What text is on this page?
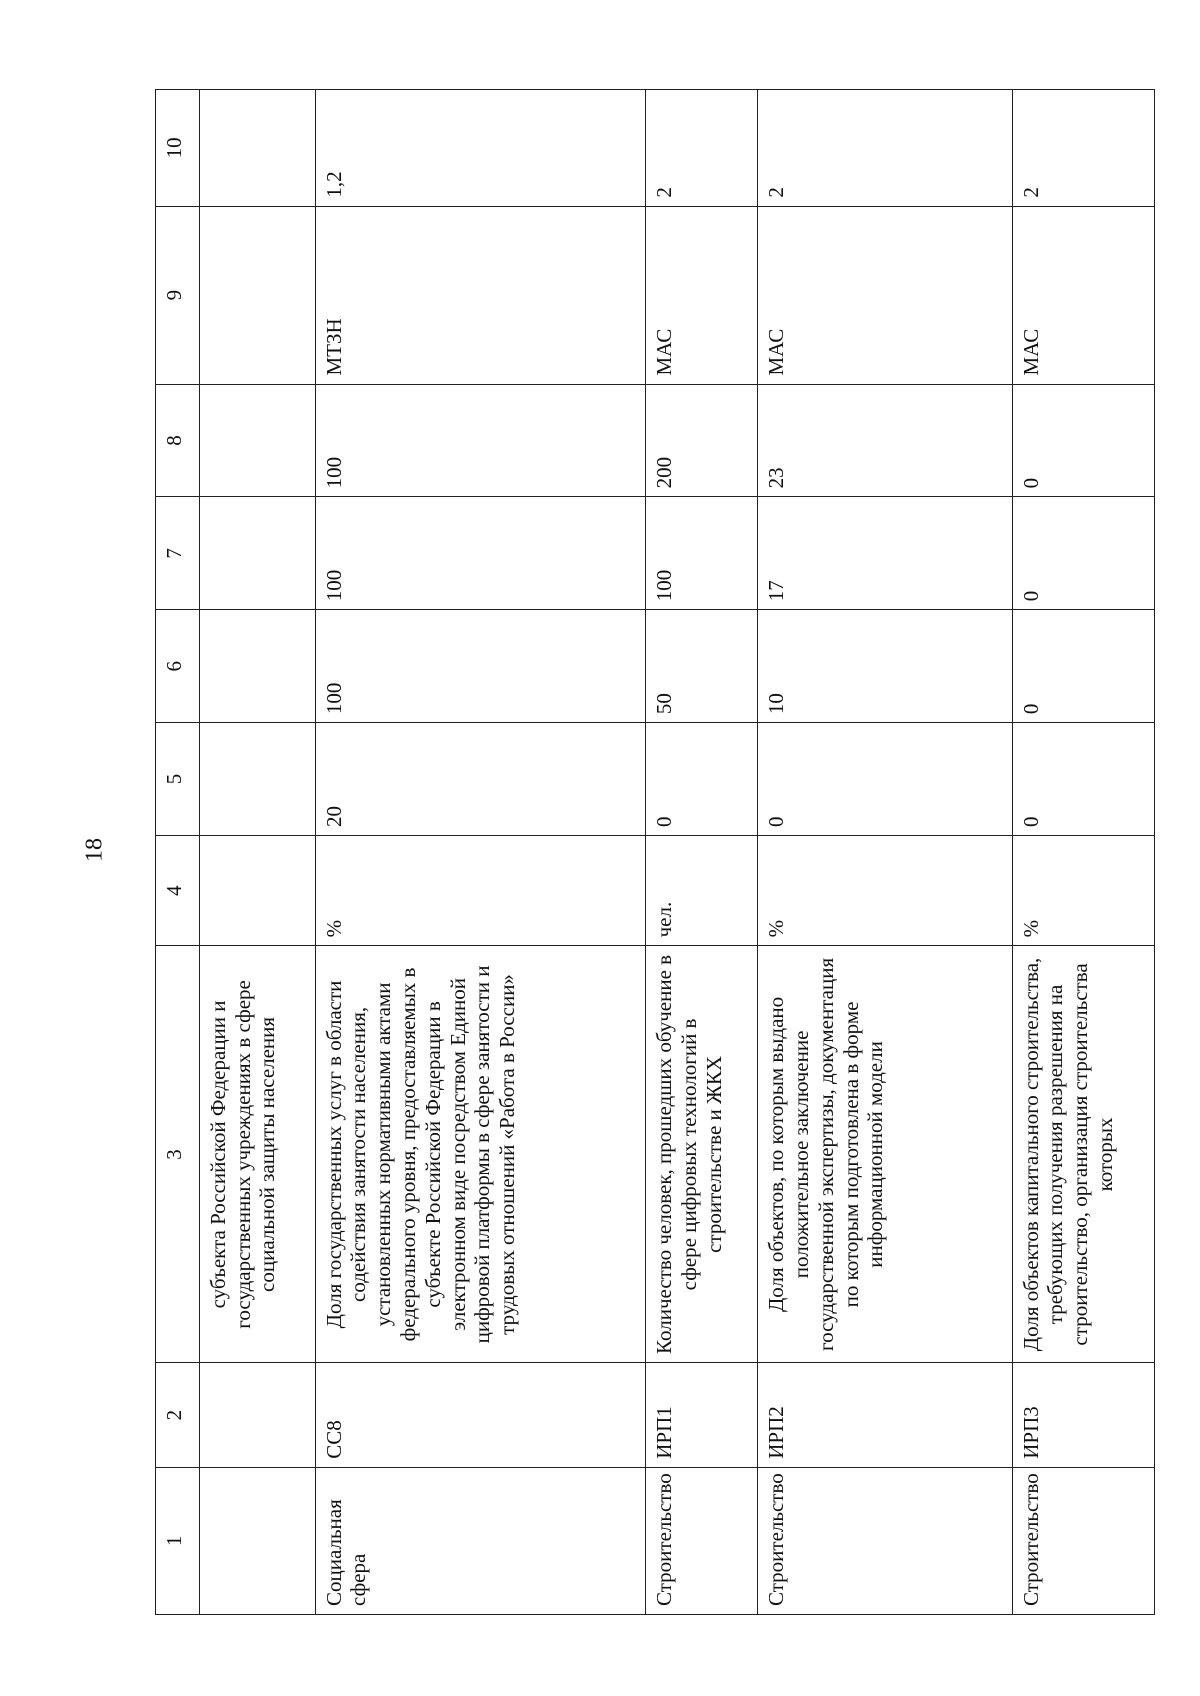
18
1	2	3	4	5	6	7	8	9	10
		субъекта Российской Федерации и государственных учреждениях в сфере социальной защиты населения							
Социальная сфера	СС8	Доля государственных услуг в области содействия занятости населения, установленных нормативными актами федерального уровня, предоставляемых в субъекте Российской Федерации в электронном виде посредством Единой цифровой платформы в сфере занятости и трудовых отношений «Работа в России»	%	20	100	100	100	МТЗН	1,2
Строительство	ИРП1	Количество человек, прошедших обучение в сфере цифровых технологий в строительстве и ЖКХ	чел.	0	50	100	200	МАС	2
Строительство	ИРП2	Доля объектов, по которым выдано положительное заключение государственной экспертизы, документация по которым подготовлена в форме информационной модели	%	0	10	17	23	МАС	2
Строительство	ИРП3	Доля объектов капитального строительства, требующих получения разрешения на строительство, организация строительства которых	%	0	0	0	0	МАС	2
